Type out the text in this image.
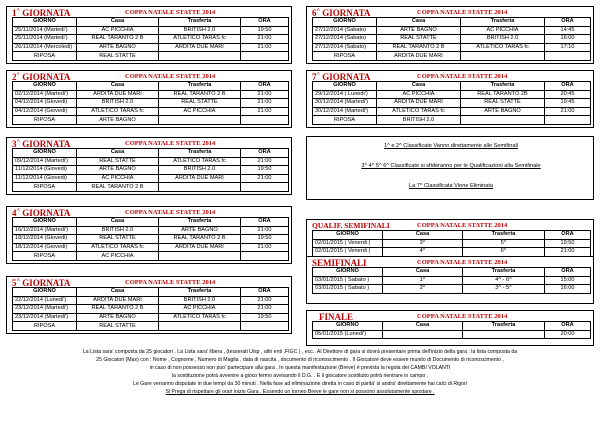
1^ GIORNATA	COPPA NATALE STATTE 2014
GIORNO	Casa	Trasferta	ORA
25/11/2014 (Martedi')	AC PICCHIA	BRITISH 2.0	19:50
25/11/2014 (Martedi')	REAL TARANTO 2 B	ATLETICO TARAS fc	21:00
26/11/2014 (Mercoledi)	ARTE BAGNO	ARDITA DUE MARI	21:00
RIPOSA	REAL STATTE		
2^ GIORNATA	COPPA NATALE STATTE 2014
GIORNO	Casa	Trasferta	ORA
02/12/2014 (Martedi')	ARDITA DUE MARI	REAL TARANTO 2 B	21:00
04/12/2014 (Giovedi)	BRITISH 2.0	REAL STATTE	21:00
04/12/2014 (Giovedi)	ATLETICO TARAS fc	AC PICCHIA	21:00
RIPOSA	ARTE BAGNO		
3^ GIORNATA	COPPA NATALE STATTE 2014
GIORNO	Casa	Trasferta	ORA
09/12/2014 (Martedi')	REAL STATTE	ATLETICO TARAS fc	21:00
11/12/2014 (Giovedi)	ARTE BAGNO	BRITISH 2.0	19:50
11/12/2014 (Giovedi)	AC PICCHIA	ARDITA DUE MARI	21:00
RIPOSA	REAL TARANTO 2 B		
4^ GIORNATA	COPPA NATALE STATTE 2014
GIORNO	Casa	Trasferta	ORA
16/12/2014 (Martedi')	BRITISH 2.0	ARTE BAGNO	21:00
18/12/2014 (Giovedi)	REAL STATTE	REAL TARANTO 2 B	19:50
18/12/2014 (Giovedi)	ATLETICO TARAS fc	ARDITA DUE MARI	21:00
RIPOSA	AC PICCHIA		
5^ GIORNATA	COPPA NATALE STATTE 2014
GIORNO	Casa	Trasferta	ORA
22/12/2014 (Lunedi')	ARDITA DUE MARI	BRITISH 2.0	21:00
23/12/2014 (Martedi')	REAL TARANTO 2 B	AC PICCHIA	21:00
23/12/2014 (Martedi')	ARTE BAGNO	ATLETICO TARAS fc	19:50
RIPOSA	REAL STATTE		
6^ GIORNATA	COPPA NATALE STATTE 2014
GIORNO	Casa	Trasferta	ORA
27/12/2014 (Sabato)	ARTE BAGNO	AC PICCHIA	14:45
27/12/2014 (Sabato)	REAL STATTE	BRITISH 2.0	16:00
27/12/2014 (Sabato)	REAL TARANTO 2 B	ATLETICO TARAS fc	17:10
RIPOSA	ARDITA DUE MARI		
7^ GIORNATA	COPPA NATALE STATTE 2014
GIORNO	Casa	Trasferta	ORA
29/12/2014 ( Lunedi')	AC PICCHIA	REAL TARANTO 2B	20:45
30/12/2014 (Martedi')	ARDITA DUE MARI	REAL STATTE	19:45
30/12/2014 (Martedi')	ATLETICO TARAS fc	ARTE BAGNO	21:00
RIPOSA	BRITISH 2.0		
1^ e 2^ Classificate Vanno direttamente alle Semifinali
3^ 4^ 5^ 6^ Classificate si sfideranno per le Qualificazioni alla Semifinale
La 7^ Classificata Viene Eliminata
QUALIF. SEMIFINALI	COPPA NATALE STATTE 2014
GIORNO	Casa	Trasferta	ORA
02/01/2015 ( Venerdi )	3^	5^	19:50
02/01/2015 ( Venerdi )	4^	6^	21:00
SEMIFINALI	COPPA NATALE STATTE 2014
GIORNO	Casa	Trasferta	ORA
03/01/2015 ( Sabato )	1^	4^ - 6^	15:00
03/01/2015 ( Sabato )	2^	3^ - 5^	16:00
FINALE	COPPA NATALE STATTE 2014
GIORNO	Casa	Trasferta	ORA
05/01/2015 (Lunedi')			20:00

La Lista sara' composta da 25 giocatori . La Lista sara' libera , (tesserati Uisp , altri enti ,FIGC ) , ecc.. Al Direttore di gara si dovrà presentare prima dell'inizio della gara : la lista composta da

25 Giocatori (Max) con : Nome , Cognome , Numero di Maglia , data di nascita , documento di riconoscimento . Il Giocatore deve essere munito di Documento di riconoscimento ,

in caso di non possesso non puo' partecipare alla gara . In questa manifestazione (Breve) è prevista la regola dei CAMBI VOLANTI

la sostituzione potrà avvenire a gioco fermo avvisando il D.G. . E il giocatore sostituito potrà rientrare in campo .

Le Gare verranno disputate in due tempi da 30 minuti . Nella fase ad eliminazione diretta in caso di parita' si andra' direttamente hai calci di Rigori

Si Prega di rispettare gli orari inizio Gara . Essendo un torneo Breve le gare non si possono assolutamente spostare .
